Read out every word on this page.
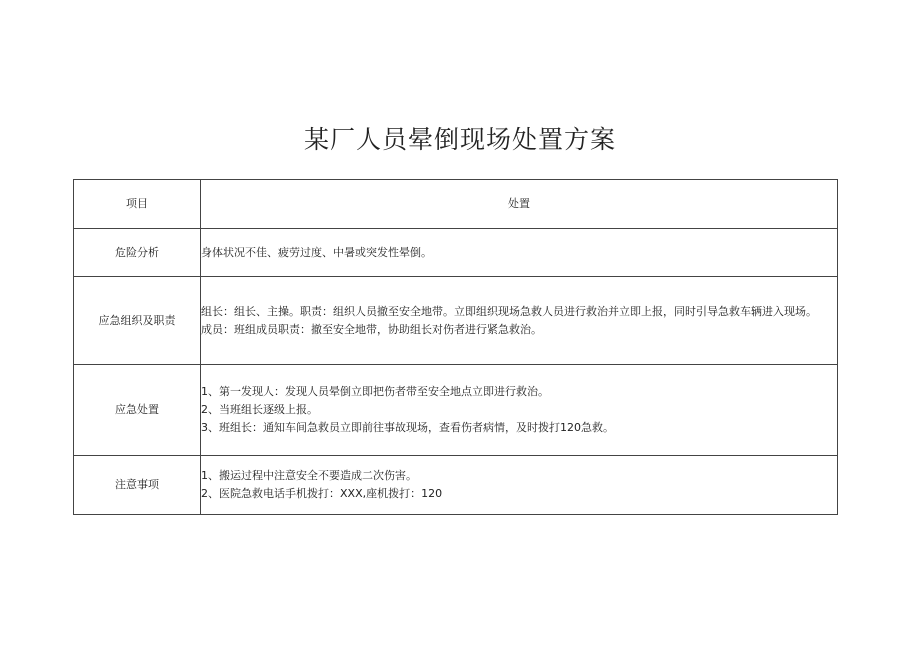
某厂人员晕倒现场处置方案
项目	处置
危险分析	身体状况不佳、疲劳过度、中暑或突发性晕倒。

应急组织及职责	组长：组长、主操。职责：组织人员撤至安全地带。立即组织现场急救人员进行救治并立即上报，同时引导急救车辆进入现场。
成员：班组成员职责：撤至安全地带，协助组长对伤者进行紧急救治。

应急处置	1、第一发现人：发现人员晕倒立即把伤者带至安全地点立即进行救治。
2、当班组长逐级上报。
3、班组长：通知车间急救员立即前往事故现场，查看伤者病情，及时拨打120急救。

注意事项	1、搬运过程中注意安全不要造成二次伤害。
2、医院急救电话手机拨打：XXX,座机拨打：120
